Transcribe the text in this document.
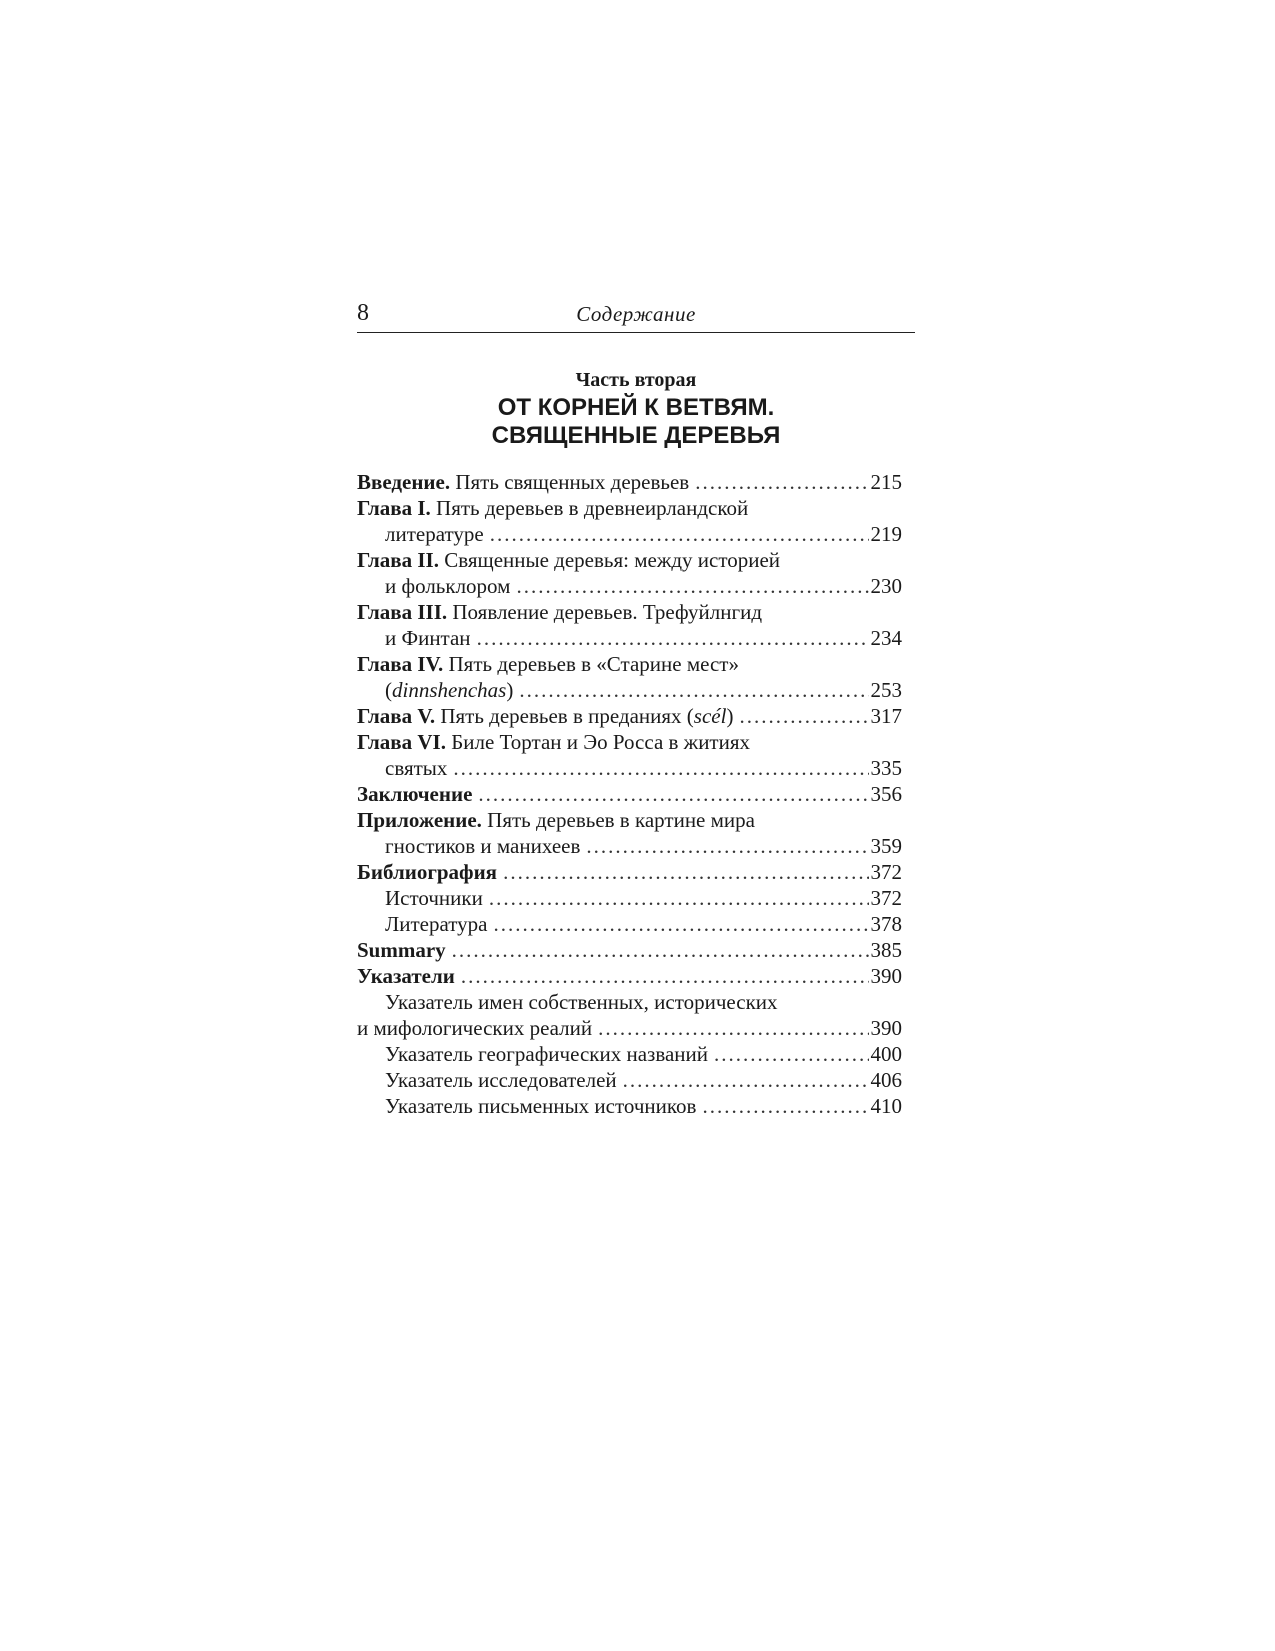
8	Содержание
Часть вторая
ОТ КОРНЕЙ К ВЕТВЯМ.
СВЯЩЕННЫЕ ДЕРЕВЬЯ
Введение. Пять священных деревьев .....	215
Глава I. Пять деревьев в древнеирландской
литературе .....	219
Глава II. Священные деревья: между историей
и фольклором .....	230
Глава III. Появление деревьев. Трефуйлнгид
и Финтан .....	234
Глава IV. Пять деревьев в «Старине мест»
(dinnshenchas) .....	253
Глава V. Пять деревьев в преданиях (scél) .....	317
Глава VI. Биле Тортан и Эо Росса в житиях
святых .....	335
Заключение .....	356
Приложение. Пять деревьев в картине мира
гностиков и манихеев .....	359
Библиография .....	372
Источники .....	372
Литература .....	378
Summary .....	385
Указатели .....	390
Указатель имен собственных, исторических
и мифологических реалий .....	390
Указатель географических названий .....	400
Указатель исследователей .....	406
Указатель письменных источников .....	410
